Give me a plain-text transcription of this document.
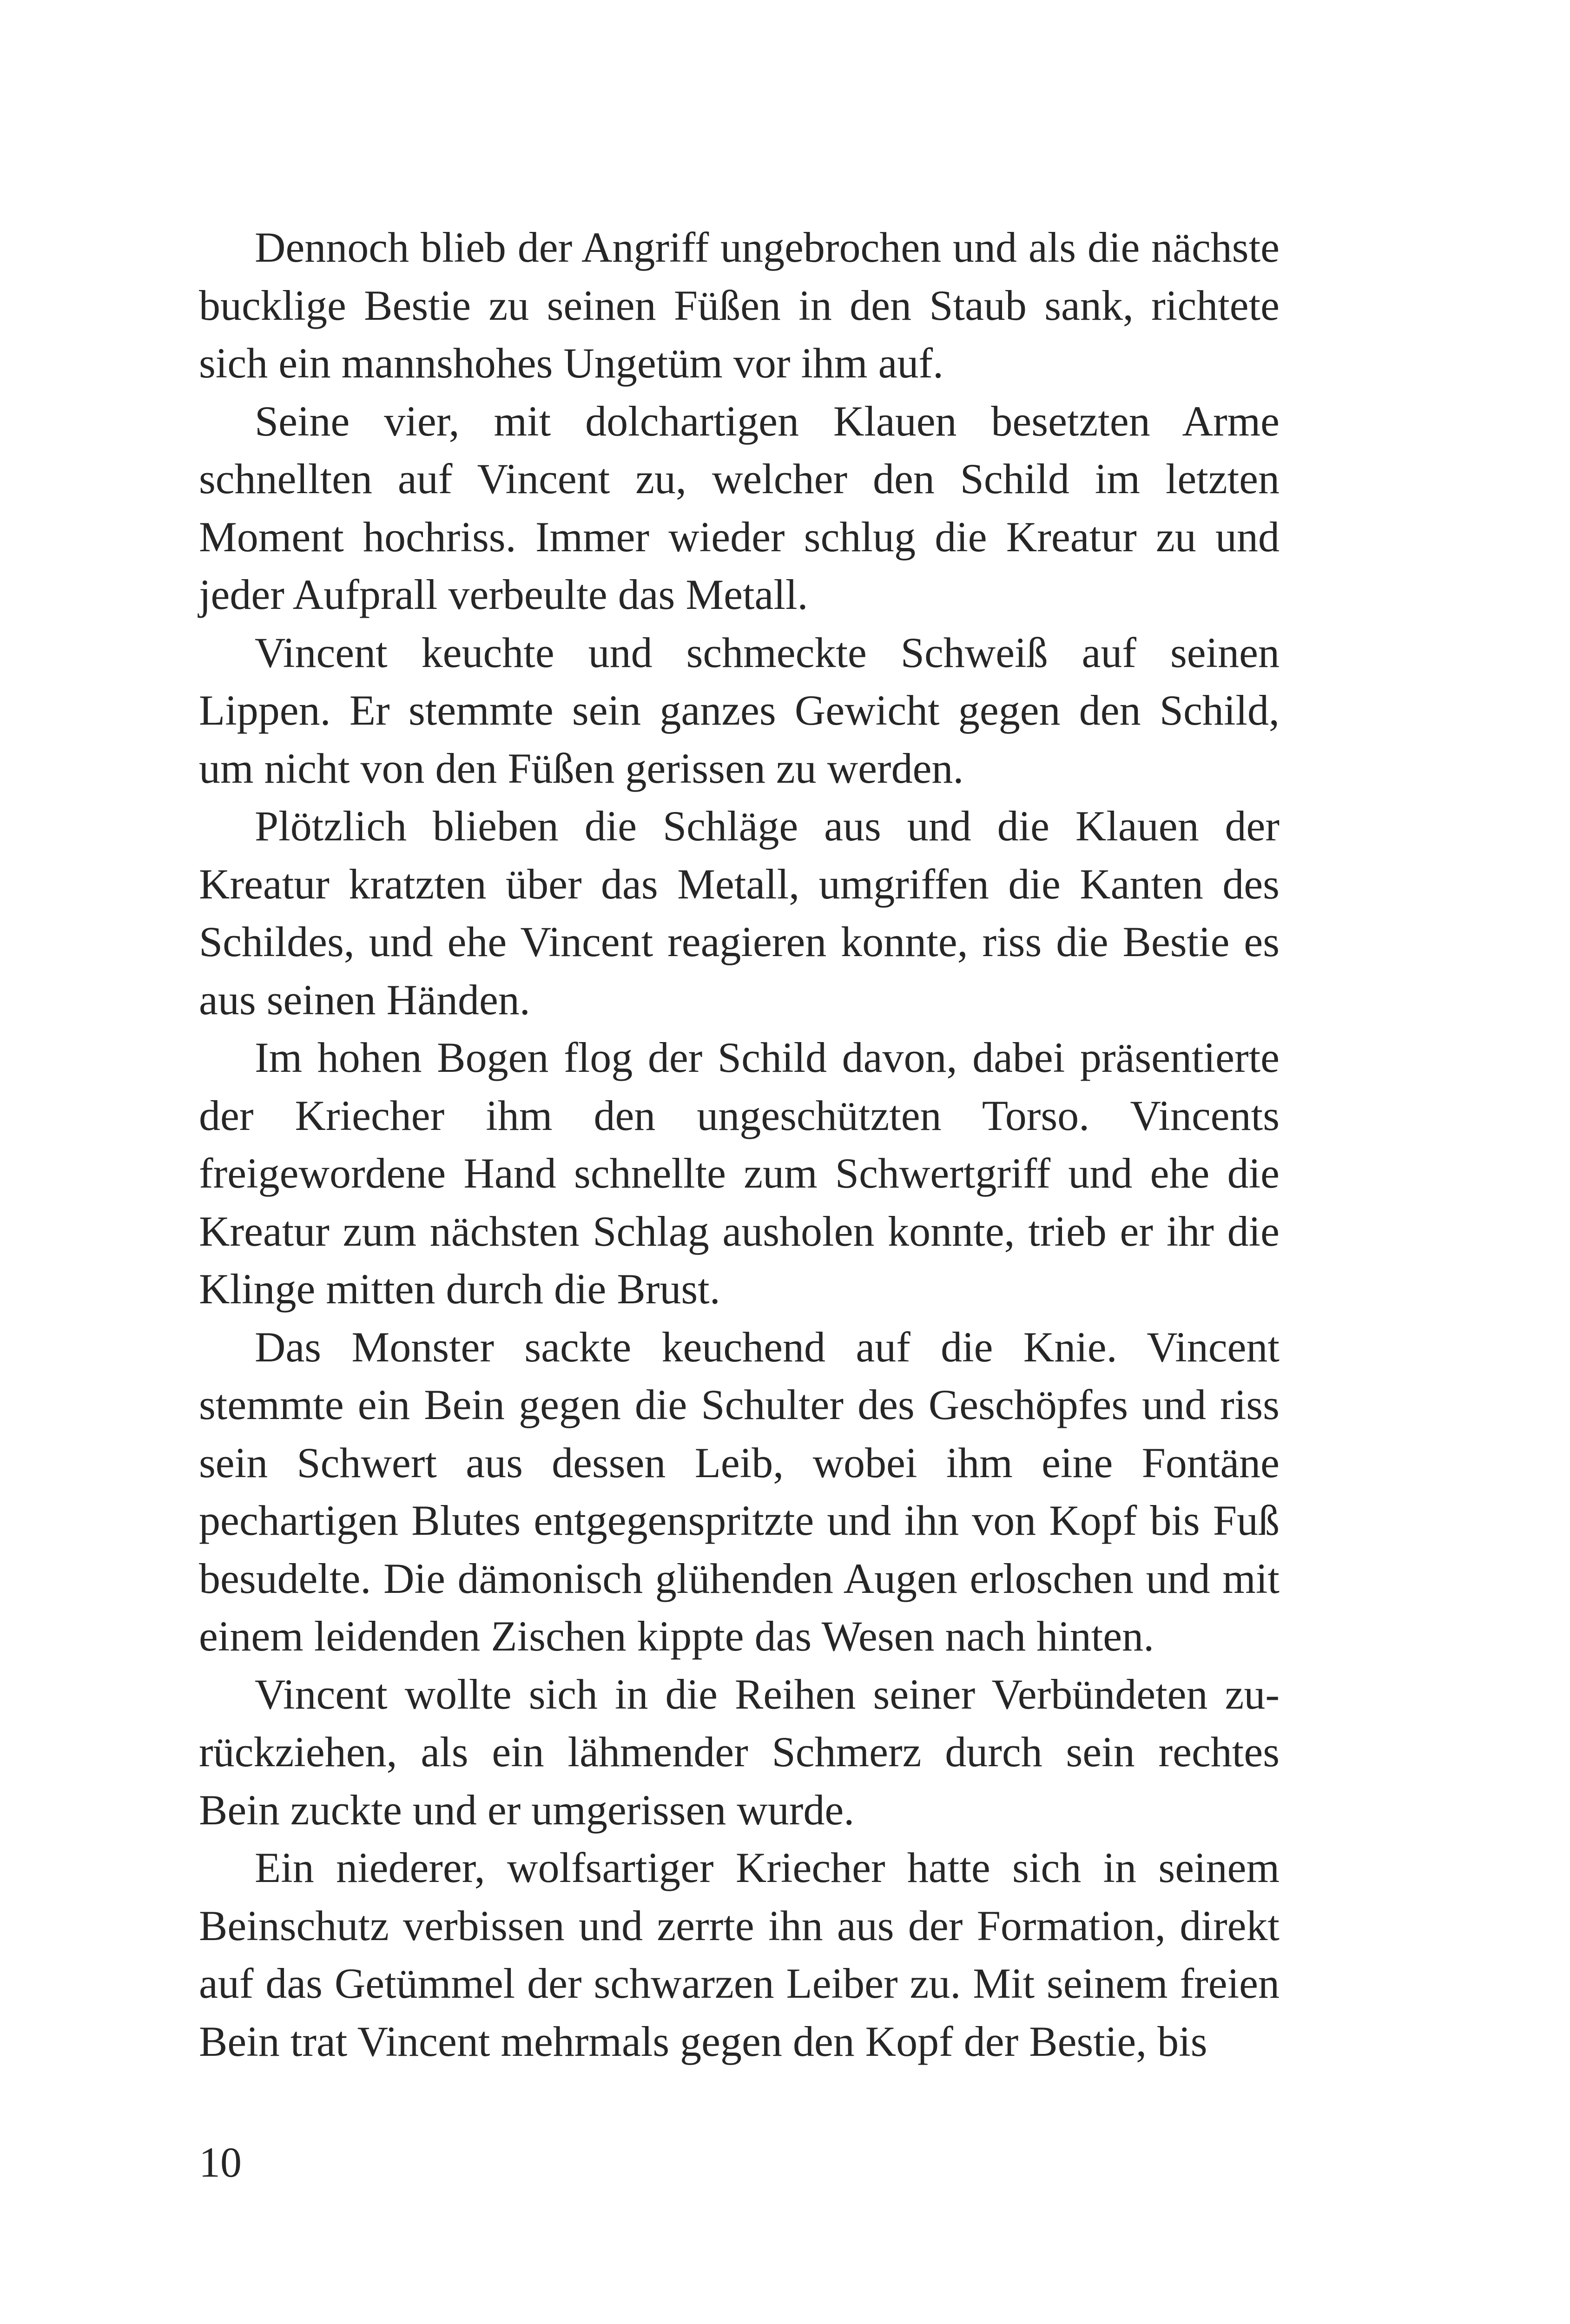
Dennoch blieb der Angriff ungebrochen und als die nächste bucklige Bestie zu seinen Füßen in den Staub sank, richtete sich ein mannshohes Ungetüm vor ihm auf.

Seine vier, mit dolchartigen Klauen besetzten Arme schnellten auf Vincent zu, welcher den Schild im letzten Moment hochriss. Immer wieder schlug die Kreatur zu und jeder Aufprall verbeulte das Metall.

Vincent keuchte und schmeckte Schweiß auf seinen Lippen. Er stemmte sein ganzes Gewicht gegen den Schild, um nicht von den Füßen gerissen zu werden.

Plötzlich blieben die Schläge aus und die Klauen der Kreatur kratzten über das Metall, umgriffen die Kanten des Schildes, und ehe Vincent reagieren konnte, riss die Bestie es aus seinen Händen.

Im hohen Bogen flog der Schild davon, dabei präsentierte der Kriecher ihm den ungeschützten Torso. Vincents freigewordene Hand schnellte zum Schwertgriff und ehe die Kreatur zum nächsten Schlag ausholen konnte, trieb er ihr die Klinge mitten durch die Brust.

Das Monster sackte keuchend auf die Knie. Vincent stemmte ein Bein gegen die Schulter des Geschöpfes und riss sein Schwert aus dessen Leib, wobei ihm eine Fontäne pechartigen Blutes entgegenspritzte und ihn von Kopf bis Fuß besudelte. Die dämonisch glühenden Augen erloschen und mit einem leidenden Zischen kippte das Wesen nach hinten.

Vincent wollte sich in die Reihen seiner Verbündeten zurückziehen, als ein lähmender Schmerz durch sein rechtes Bein zuckte und er umgerissen wurde.

Ein niederer, wolfsartiger Kriecher hatte sich in seinem Beinschutz verbissen und zerrte ihn aus der Formation, direkt auf das Getümmel der schwarzen Leiber zu. Mit seinem freien Bein trat Vincent mehrmals gegen den Kopf der Bestie, bis

10
